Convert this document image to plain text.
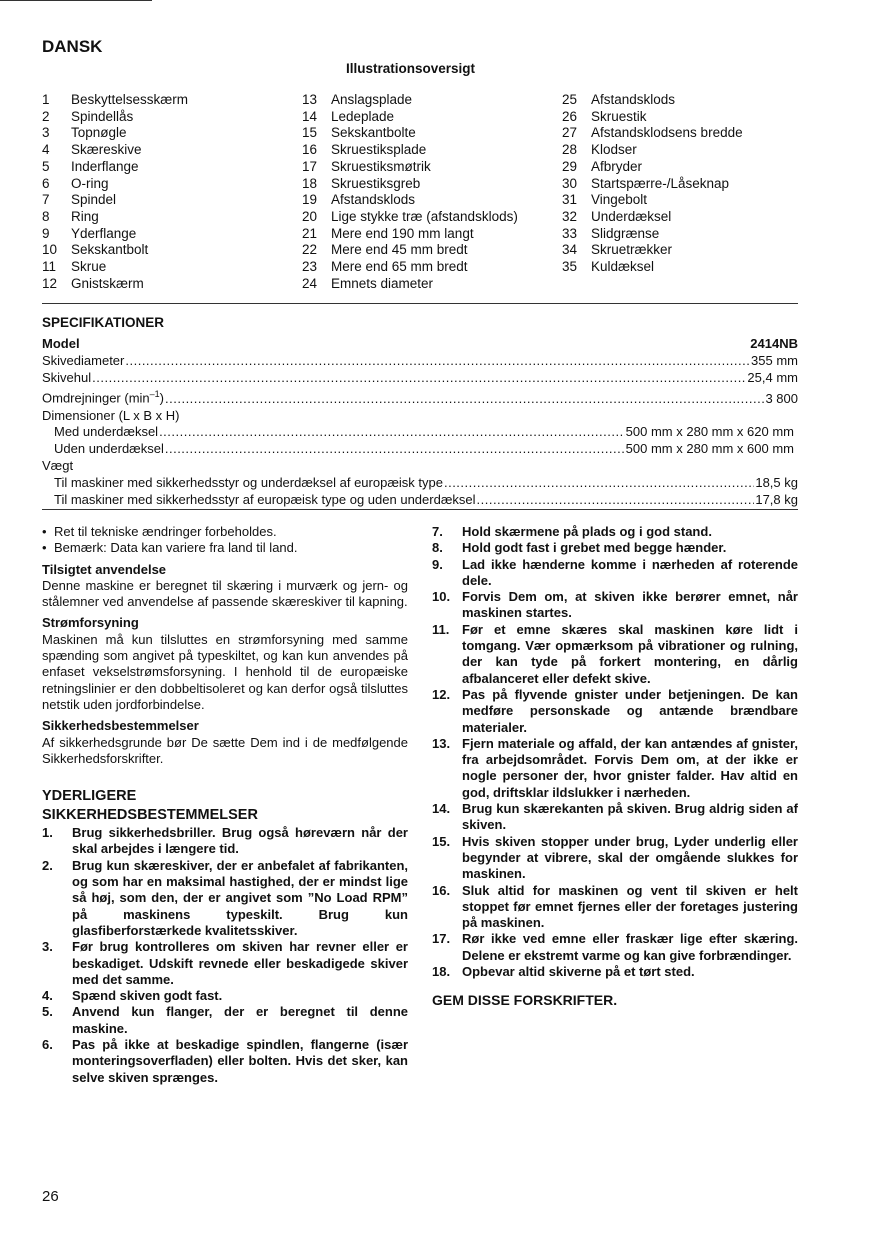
DANSK
Illustrationsoversigt
1	Beskyttelsesskærm
2	Spindellås
3	Topnøgle
4	Skæreskive
5	Inderflange
6	O-ring
7	Spindel
8	Ring
9	Yderflange
10	Sekskantbolt
11	Skrue
12	Gnistskærm
13	Anslagsplade
14	Ledeplade
15	Sekskantbolte
16	Skruestiksplade
17	Skruestiksmøtrik
18	Skruestiksgreb
19	Afstandsklods
20	Lige stykke træ (afstandsklods)
21	Mere end 190 mm langt
22	Mere end 45 mm bredt
23	Mere end 65 mm bredt
24	Emnets diameter
25	Afstandsklods
26	Skruestik
27	Afstandsklodsens bredde
28	Klodser
29	Afbryder
30	Startspærre-/Låseknap
31	Vingebolt
32	Underdæksel
33	Slidgrænse
34	Skruetrækker
35	Kuldæksel
SPECIFIKATIONER
Model	2414NB
Skivediameter .....	355 mm
Skivehul .....	25,4 mm
Omdrejninger $(\min^{-1})$ .....	3 800
Dimensioner (L x B x H)
Med underdæksel .....	500 mm x 280 mm x 620 mm
Uden underdæksel .....	500 mm x 280 mm x 600 mm
Vægt
Til maskiner med sikkerhedsstyr og underdæksel af europæisk type .....	18,5 kg
Til maskiner med sikkerhedsstyr af europæisk type og uden underdæksel .....	17,8 kg
• Ret til tekniske ændringer forbeholdes.
• Bemærk: Data kan variere fra land til land.
Tilsigtet anvendelse

Denne maskine er beregnet til skæring i murværk og jern- og stålemner ved anvendelse af passende skæreskiver til kapning.

Strømforsyning

Maskinen må kun tilsluttes en strømforsyning med samme spænding som angivet på typeskiltet, og kan kun anvendes på enfaset vekselstrømsforsyning. I henhold til de europæiske retningslinier er den dobbeltisoleret og kan derfor også tilsluttes netstik uden jordforbindelse.

Sikkerhedsbestemmelser

Af sikkerhedsgrunde bør De sætte Dem ind i de medfølgende Sikkerhedsforskrifter.

YDERLIGERE
SIKKERHEDSBESTEMMELSER
1.	Brug sikkerhedsbriller. Brug også høreværn når der skal arbejdes i længere tid.
2.	Brug kun skæreskiver, der er anbefalet af fabrikanten, og som har en maksimal hastighed, der er mindst lige så høj, som den, der er angivet som ”No Load RPM” på maskinens typeskilt. Brug kun glasfiberforstærkede kvalitetsskiver.
3.	Før brug kontrolleres om skiven har revner eller er beskadiget. Udskift revnede eller beskadigede skiver med det samme.
4.	Spænd skiven godt fast.
5.	Anvend kun flanger, der er beregnet til denne maskine.
6.	Pas på ikke at beskadige spindlen, flangerne (især monteringsoverfladen) eller bolten. Hvis det sker, kan selve skiven sprænges.
7.	Hold skærmene på plads og i god stand.
8.	Hold godt fast i grebet med begge hænder.
9.	Lad ikke hænderne komme i nærheden af roterende dele.
10. Forvis Dem om, at skiven ikke berører emnet, når maskinen startes.
11. Før et emne skæres skal maskinen køre lidt i tomgang. Vær opmærksom på vibrationer og rulning, der kan tyde på forkert montering, en dårlig afbalanceret eller defekt skive.
12. Pas på flyvende gnister under betjeningen. De kan medføre personskade og antænde brændbare materialer.
13. Fjern materiale og affald, der kan antændes af gnister, fra arbejdsområdet. Forvis Dem om, at der ikke er nogle personer der, hvor gnister falder. Hav altid en god, driftsklar ildslukker i nærheden.
14. Brug kun skærekanten på skiven. Brug aldrig siden af skiven.
15. Hvis skiven stopper under brug, Lyder underlig eller begynder at vibrere, skal der omgående slukkes for maskinen.
16. Sluk altid for maskinen og vent til skiven er helt stoppet før emnet fjernes eller der foretages justering på maskinen.
17. Rør ikke ved emne eller fraskær lige efter skæring. Delene er ekstremt varme og kan give forbrændinger.
18. Opbevar altid skiverne på et tørt sted.
GEM DISSE FORSKRIFTER.
26
